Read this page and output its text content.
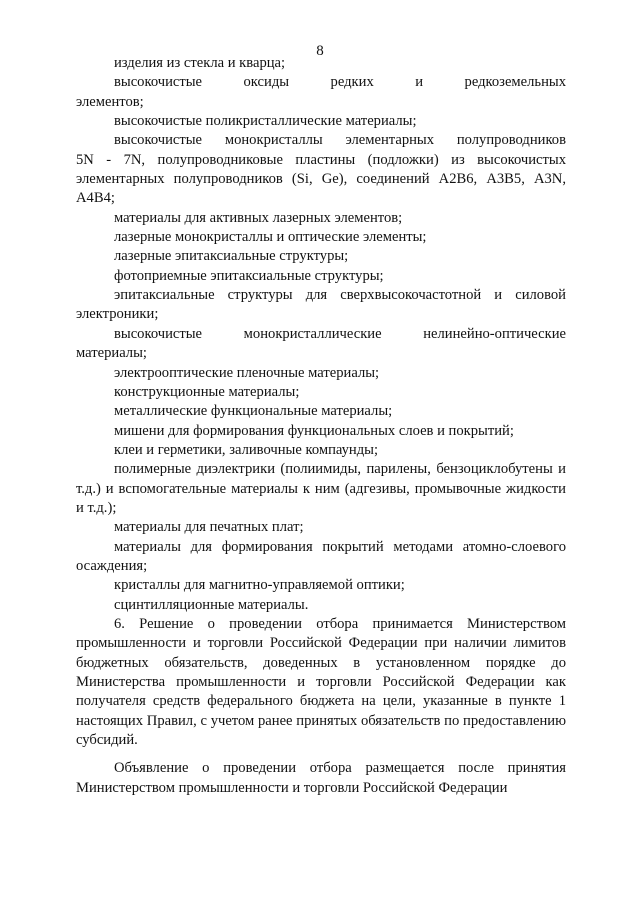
8

изделия из стекла и кварца;

высокочистые оксиды редких и редкоземельных
элементов;

высокочистые поликристаллические материалы;

высокочистые монокристаллы элементарных полупроводников
5N - 7N, полупроводниковые пластины (подложки) из высокочистых элементарных полупроводников (Si, Ge), соединений А2В6, А3В5, А3N, А4В4;

материалы для активных лазерных элементов;

лазерные монокристаллы и оптические элементы;

лазерные эпитаксиальные структуры;

фотоприемные эпитаксиальные структуры;

эпитаксиальные структуры для сверхвысокочастотной и силовой электроники;

высокочистые монокристаллические нелинейно-оптические
материалы;

электрооптические пленочные материалы;

конструкционные материалы;

металлические функциональные материалы;

мишени для формирования функциональных слоев и покрытий;

клеи и герметики, заливочные компаунды;

полимерные диэлектрики (полиимиды, парилены, бензоциклобутены и т.д.) и вспомогательные материалы к ним (адгезивы, промывочные жидкости и т.д.);

материалы для печатных плат;

материалы для формирования покрытий методами атомно-слоевого осаждения;

кристаллы для магнитно-управляемой оптики;

сцинтилляционные материалы.

6. Решение о проведении отбора принимается Министерством промышленности и торговли Российской Федерации при наличии лимитов бюджетных обязательств, доведенных в установленном порядке до Министерства промышленности и торговли Российской Федерации как получателя средств федерального бюджета на цели, указанные в пункте 1 настоящих Правил, с учетом ранее принятых обязательств по предоставлению субсидий.

Объявление о проведении отбора размещается после принятия Министерством промышленности и торговли Российской Федерации
